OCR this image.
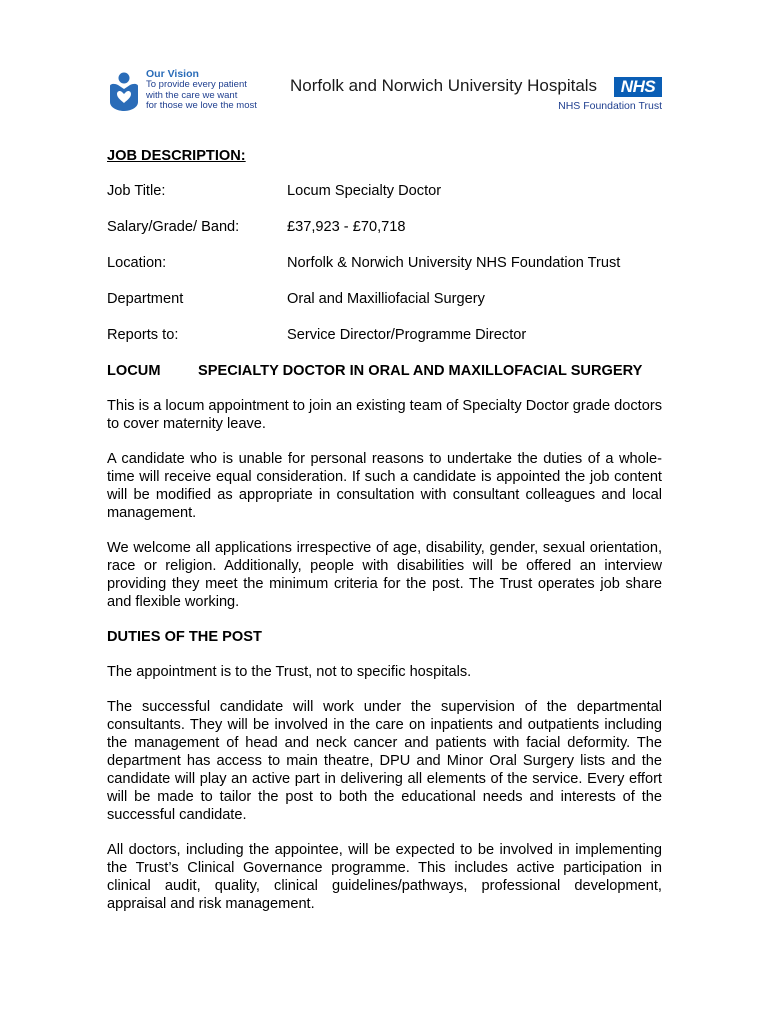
Our Vision
To provide every patient
with the care we want
for those we love the most
Norfolk and Norwich University Hospitals	NHS
NHS Foundation Trust

JOB DESCRIPTION:

Job Title:	Locum Specialty Doctor
Salary/Grade/ Band:	£37,923 - £70,718
Location:	Norfolk & Norwich University NHS Foundation Trust
Department	Oral and Maxilliofacial Surgery
Reports to:	Service Director/Programme Director
LOCUM	SPECIALTY DOCTOR IN ORAL AND MAXILLOFACIAL SURGERY

This is a locum appointment to join an existing team of Specialty Doctor grade doctors to cover maternity leave.

A candidate who is unable for personal reasons to undertake the duties of a whole-time will receive equal consideration. If such a candidate is appointed the job content will be modified as appropriate in consultation with consultant colleagues and local management.

We welcome all applications irrespective of age, disability, gender, sexual orientation, race or religion. Additionally, people with disabilities will be offered an interview providing they meet the minimum criteria for the post. The Trust operates job share and flexible working.

DUTIES OF THE POST

The appointment is to the Trust, not to specific hospitals.

The successful candidate will work under the supervision of the departmental consultants. They will be involved in the care on inpatients and outpatients including the management of head and neck cancer and patients with facial deformity. The department has access to main theatre, DPU and Minor Oral Surgery lists and the candidate will play an active part in delivering all elements of the service. Every effort will be made to tailor the post to both the educational needs and interests of the successful candidate.

All doctors, including the appointee, will be expected to be involved in implementing the Trust’s Clinical Governance programme. This includes active participation in clinical audit, quality, clinical guidelines/pathways, professional development, appraisal and risk management.
